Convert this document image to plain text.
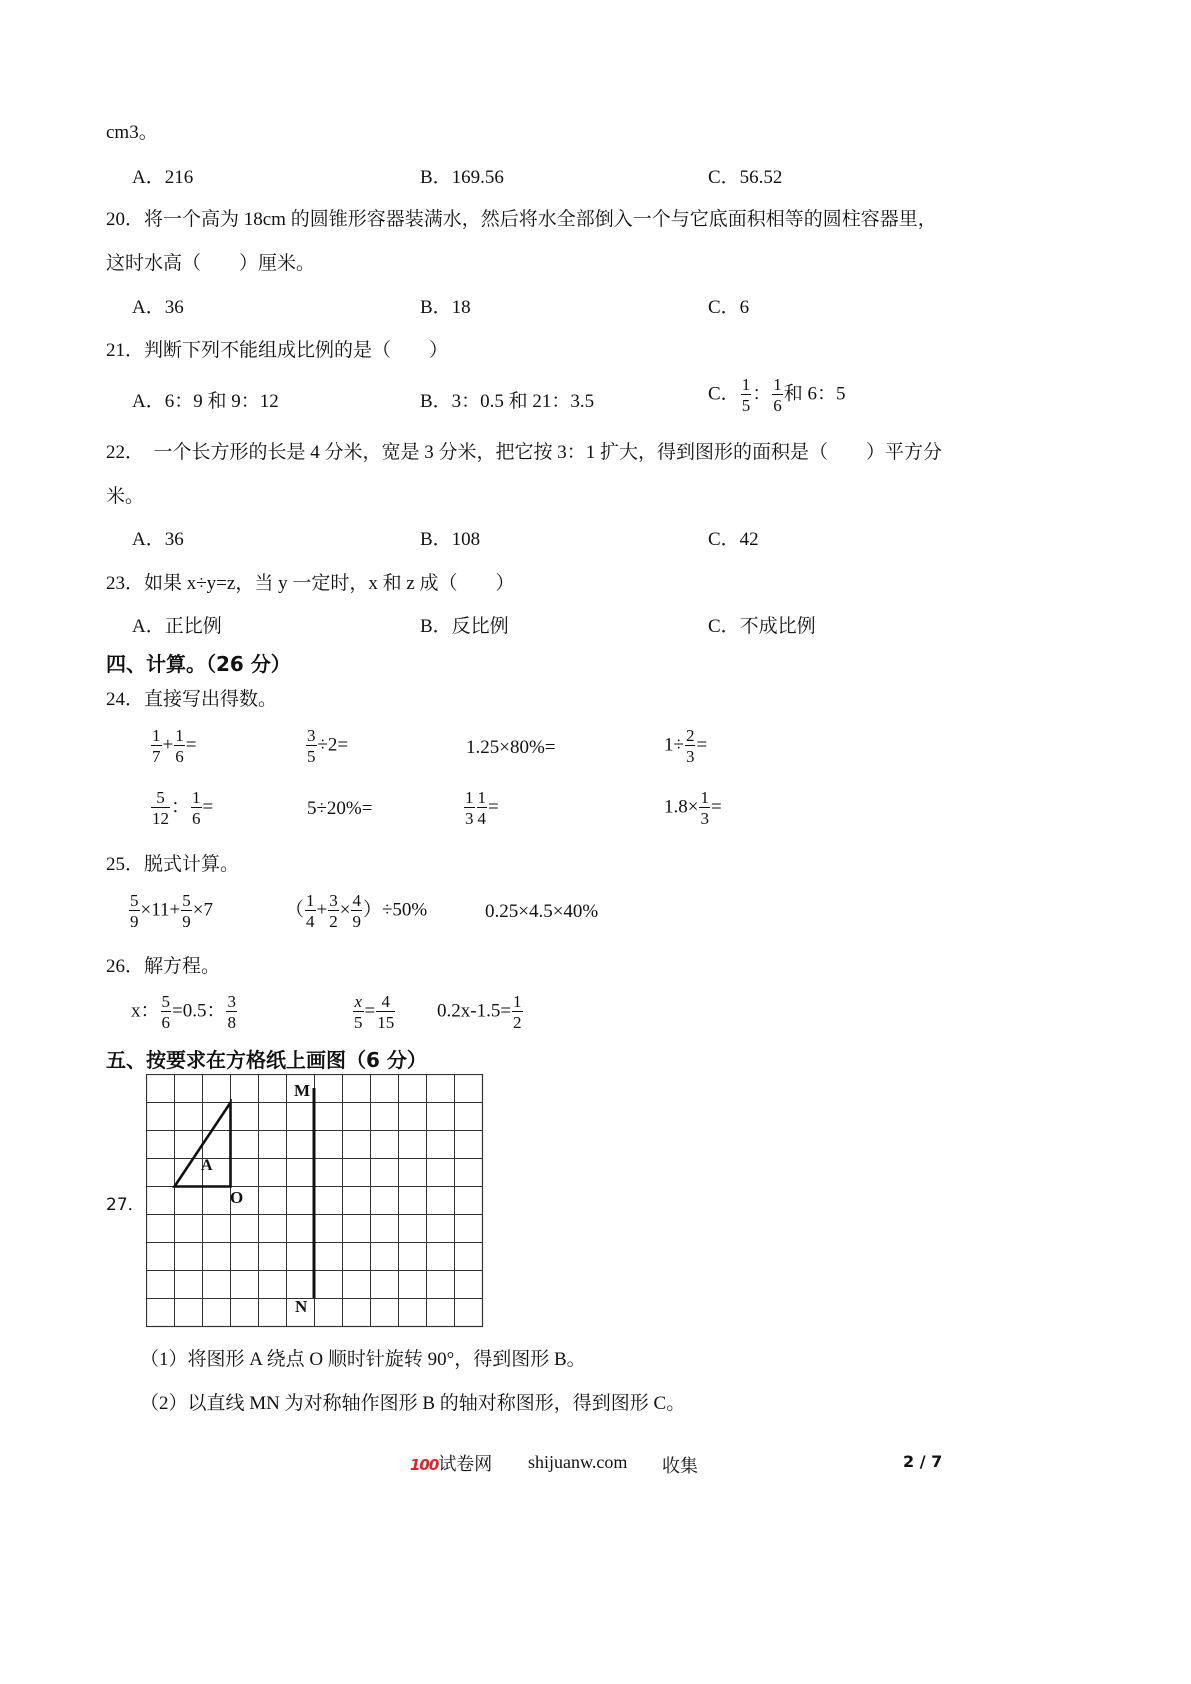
cm3。
A．216	B．169.56	C．56.52
20．将一个高为 18cm 的圆锥形容器装满水，然后将水全部倒入一个与它底面积相等的圆柱容器里，
这时水高（　　）厘米。
A．36	B．18	C．6
21．判断下列不能组成比例的是（　　）
A．6：9 和 9：12	B．3：0.5 和 21：3.5	C． $\frac{1}{5}$ ： $\frac{1}{6}$ 和 6：5
22．　一个长方形的长是 4 分米，宽是 3 分米，把它按 3：1 扩大，得到图形的面积是（　　）平方分
米。
A．36	B．108	C．42
23．如果 x÷y=z，当 y 一定时，x 和 z 成（　　）
A．正比例	B．反比例	C．不成比例
四、计算。（26 分）
24．直接写出得数。
$\frac{1}{7} + \frac{1}{6}$ =	$\frac{3}{5} \div 2=$	1.25×80%=	$1\div \frac{2}{3}$ =
$\frac{5}{12}$ ： $\frac{1}{6}$ =	5÷20%=	$\frac{1}{3} \frac{1}{4}$ =	$1.8\times \frac{1}{3}$ =
25．脱式计算。
$\frac{5}{9} \times 11+ \frac{5}{9} \times 7$	（ $\frac{1}{4} + \frac{3}{2} \times \frac{4}{9} )\div 50\%$	0.25×4.5×40%
26．解方程。
x： $\frac{5}{6} =0.5$： $\frac{3}{8}$	$\frac{x}{5} = \frac{4}{15} 0.2x-1.5= \frac{1}{2}$
五、按要求在方格纸上画图（6 分）
27．
M
N
A
O
（1）将图形 A 绕点 O 顺时针旋转 90°，得到图形 B。
（2）以直线 MN 为对称轴作图形 B 的轴对称图形，得到图形 C。
100试卷网 shijuanw.com 收集	2 / 7
